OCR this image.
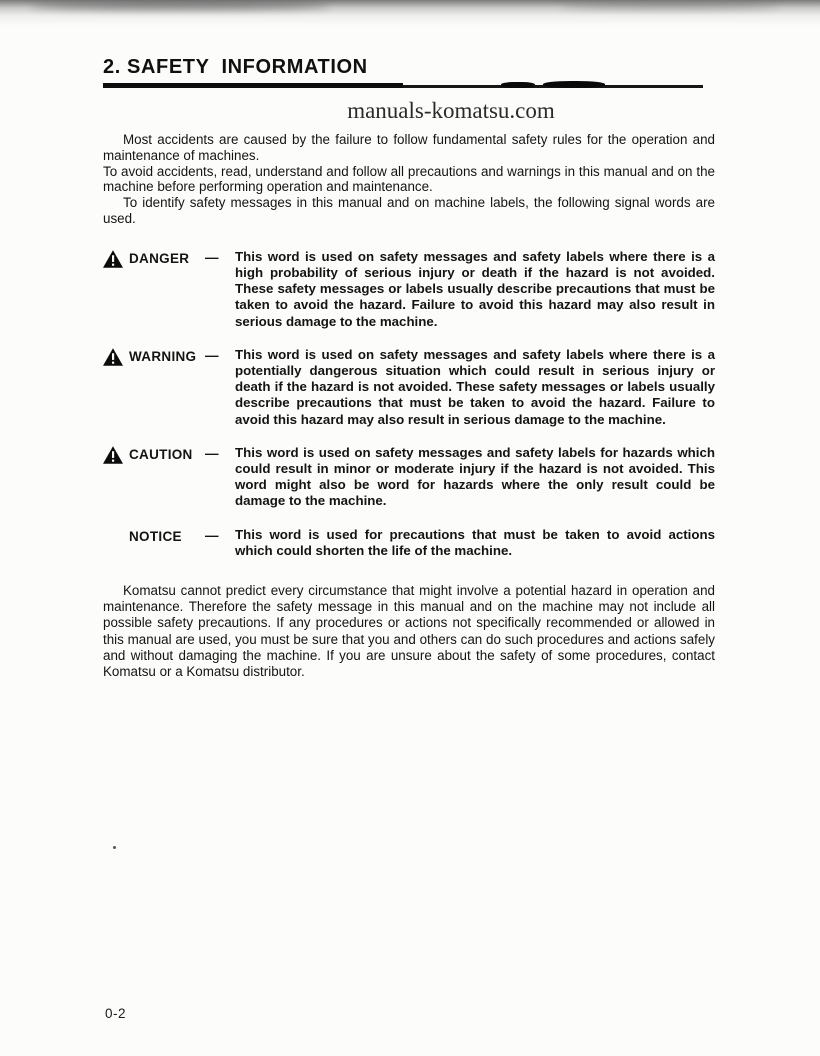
2. SAFETY  INFORMATION
manuals-komatsu.com

Most accidents are caused by the failure to follow fundamental safety rules for the operation and maintenance of machines.

To avoid accidents, read, understand and follow all precautions and warnings in this manual and on the machine before performing operation and maintenance.

To identify safety messages in this manual and on machine labels, the following signal words are used.

DANGER	—	This word is used on safety messages and safety labels where there is a high probability of serious injury or death if the hazard is not avoided. These safety messages or labels usually describe precautions that must be taken to avoid the hazard. Failure to avoid this hazard may also result in serious damage to the machine.
WARNING —	This word is used on safety messages and safety labels where there is a potentially dangerous situation which could result in serious injury or death if the hazard is not avoided. These safety messages or labels usually describe precautions that must be taken to avoid the hazard. Failure to avoid this hazard may also result in serious damage to the machine.
CAUTION —	This word is used on safety messages and safety labels for hazards which could result in minor or moderate injury if the hazard is not avoided. This word might also be word for hazards where the only result could be damage to the machine.
NOTICE	—	This word is used for precautions that must be taken to avoid actions which could shorten the life of the machine.

Komatsu cannot predict every circumstance that might involve a potential hazard in operation and maintenance. Therefore the safety message in this manual and on the machine may not include all possible safety precautions. If any procedures or actions not specifically recommended or allowed in this manual are used, you must be sure that you and others can do such procedures and actions safely and without damaging the machine. If you are unsure about the safety of some procedures, contact Komatsu or a Komatsu distributor.

0-2
